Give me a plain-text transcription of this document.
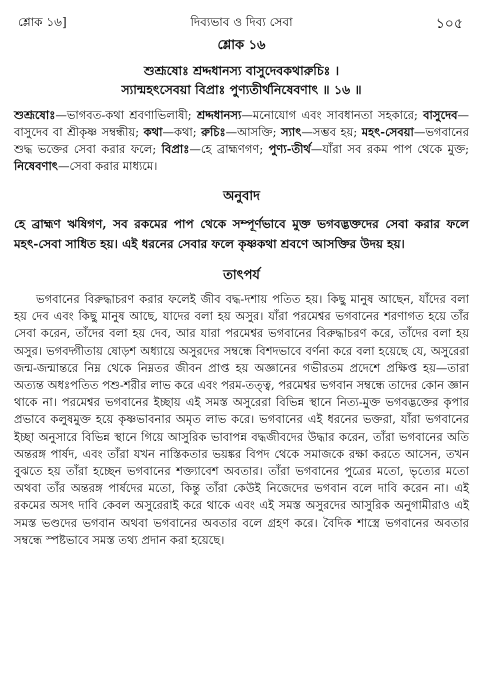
শ্লোক ১৬]	দিব্যভাব ও দিব্য সেবা	১০৫
শ্লোক ১৬
শুশ্রূষোঃ শ্রদ্দধানস্য বাসুদেবকথারুচিঃ ।
স্যান্মহৎসেবয়া বিপ্রাঃ পুণ্যতীর্থনিষেবণাৎ ॥ ১৬ ॥
শুশ্রূষোঃ—ভাগবত-কথা শ্রবণাভিলাষী; শ্রদ্দধানস্য—মনোযোগ এবং সাবধানতা সহকারে; বাসুদেব—বাসুদেব বা শ্রীকৃষ্ণ সম্বন্ধীয়; কথা—কথা; রুচিঃ—আসক্তি; স্যাৎ—সম্ভব হয়; মহৎ-সেবয়া—ভগবানের শুদ্ধ ভক্তের সেবা করার ফলে; বিপ্রাঃ—হে ব্রাহ্মণগণ; পুণ্য-তীর্থ—যাঁরা সব রকম পাপ থেকে মুক্ত; নিষেবণাৎ—সেবা করার মাধ্যমে।
অনুবাদ
হে ব্রাহ্মণ ঋষিগণ, সব রকমের পাপ থেকে সম্পূর্ণভাবে মুক্ত ভগবদ্ভক্তদের সেবা করার ফলে মহৎ-সেবা সাধিত হয়। এই ধরনের সেবার ফলে কৃষ্ণকথা শ্রবণে আসক্তির উদয় হয়।
তাৎপর্য
ভগবানের বিরুদ্ধাচরণ করার ফলেই জীব বদ্ধ-দশায় পতিত হয়। কিছু মানুষ আছেন, যাঁদের বলা হয় দেব এবং কিছু মানুষ আছে, যাদের বলা হয় অসুর। যাঁরা পরমেশ্বর ভগবানের শরণাগত হয়ে তাঁর সেবা করেন, তাঁদের বলা হয় দেব, আর যারা পরমেশ্বর ভগবানের বিরুদ্ধাচরণ করে, তাঁদের বলা হয় অসুর। ভগবদ্গীতায় ষোড়শ অধ্যায়ে অসুরদের সম্বন্ধে বিশদভাবে বর্ণনা করে বলা হয়েছে যে, অসুরেরা জন্ম-জন্মান্তরে নিম্ন থেকে নিম্নতর জীবন প্রাপ্ত হয় অজ্ঞানের গভীরতম প্রদেশে প্রক্ষিপ্ত হয়—তারা অত্যন্ত অধঃপতিত পশু-শরীর লাভ করে এবং পরম-তত্ত্ব, পরমেশ্বর ভগবান সম্বন্ধে তাদের কোন জ্ঞান থাকে না। পরমেশ্বর ভগবানের ইচ্ছায় এই সমস্ত অসুরেরা বিভিন্ন স্থানে নিত্য-মুক্ত ভগবদ্ভক্তের কৃপার প্রভাবে কলুষমুক্ত হয়ে কৃষ্ণভাবনার অমৃত লাভ করে। ভগবানের এই ধরনের ভক্তরা, যাঁরা ভগবানের ইচ্ছা অনুসারে বিভিন্ন স্থানে গিয়ে আসুরিক ভাবাপন্ন বদ্ধজীবদের উদ্ধার করেন, তাঁরা ভগবানের অতি অন্তরঙ্গ পার্ষদ, এবং তাঁরা যখন নাস্তিকতার ভয়ঙ্কর বিপদ থেকে সমাজকে রক্ষা করতে আসেন, তখন বুঝতে হয় তাঁরা হচ্ছেন ভগবানের শক্ত্যাবেশ অবতার। তাঁরা ভগবানের পুত্রের মতো, ভৃত্যের মতো অথবা তাঁর অন্তরঙ্গ পার্ষদের মতো, কিন্তু তাঁরা কেউই নিজেদের ভগবান বলে দাবি করেন না। এই রকমের অসৎ দাবি কেবল অসুরেরাই করে থাকে এবং এই সমস্ত অসুরদের আসুরিক অনুগামীরাও এই সমস্ত ভণ্ডদের ভগবান অথবা ভগবানের অবতার বলে গ্রহণ করে। বৈদিক শাস্ত্রে ভগবানের অবতার সম্বন্ধে স্পষ্টভাবে সমস্ত তথ্য প্রদান করা হয়েছে।
